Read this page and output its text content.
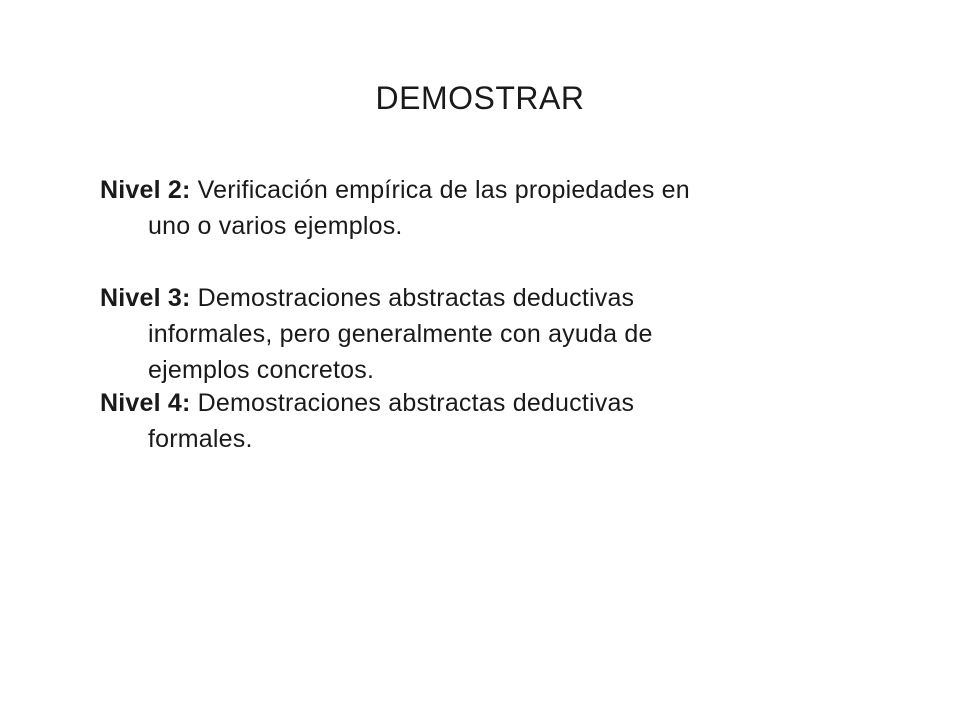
DEMOSTRAR
Nivel 2: Verificación empírica de las propiedades en
uno o varios ejemplos.
Nivel 3: Demostraciones abstractas deductivas
informales, pero generalmente con ayuda de
ejemplos concretos.
Nivel 4: Demostraciones abstractas deductivas
formales.
